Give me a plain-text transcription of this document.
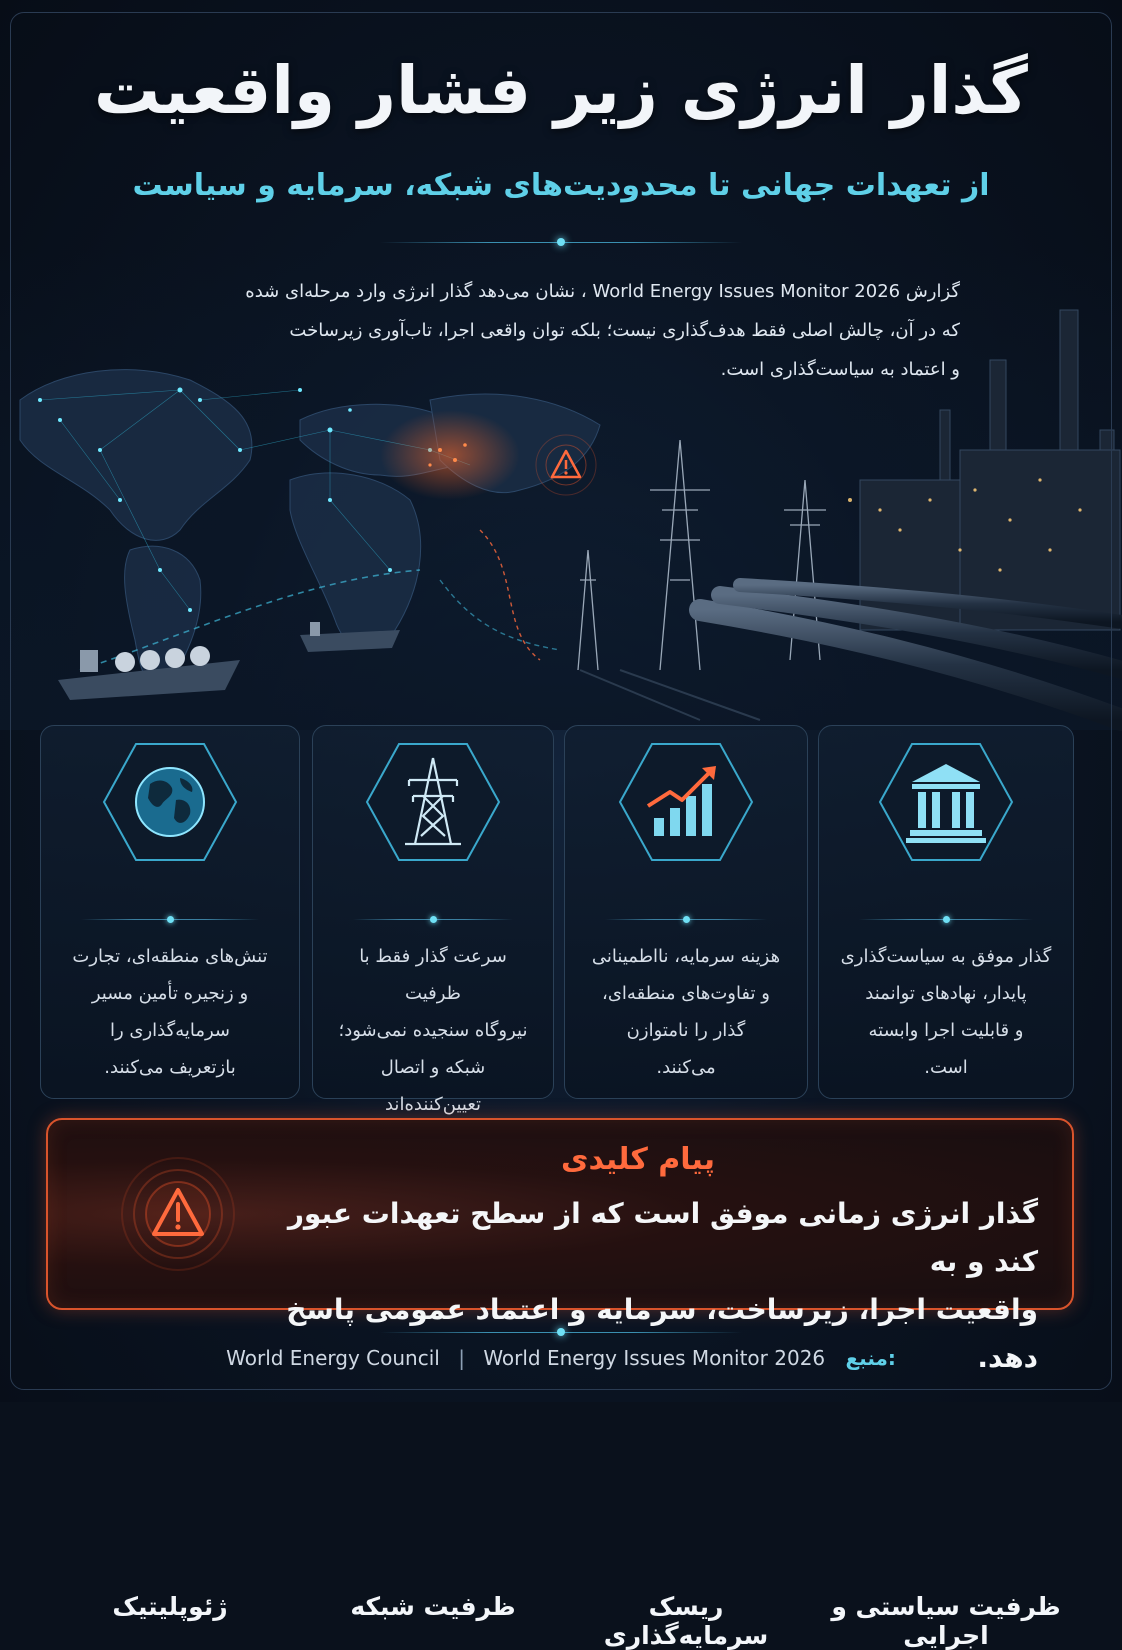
گذار انرژی زیر فشار واقعیت
از تعهدات جهانی تا محدودیت‌های شبکه، سرمایه و سیاست
گزارش World Energy Issues Monitor 2026 ، نشان می‌دهد گذار انرژی وارد مرحله‌ای شده
که در آن، چالش اصلی فقط هدف‌گذاری نیست؛ بلکه توان واقعی اجرا، تاب‌آوری زیرساخت
و اعتماد به سیاست‌گذاری است.
ژئوپلیتیک
تنش‌های منطقه‌ای، تجارت
و زنجیره تأمین مسیر
سرمایه‌گذاری را
بازتعریف می‌کنند.
ظرفیت شبکه
سرعت گذار فقط با ظرفیت
نیروگاه سنجیده نمی‌شود؛
شبکه و اتصال تعیین‌کننده‌اند
ریسک سرمایه‌گذاری
هزینه سرمایه، نااطمینانی
و تفاوت‌های منطقه‌ای،
گذار را نامتوازن
می‌کنند.
ظرفیت سیاستی و اجرایی
گذار موفق به سیاست‌گذاری
پایدار، نهادهای توانمند
و قابلیت اجرا وابسته
است.
پیام کلیدی
گذار انرژی زمانی موفق است که از سطح تعهدات عبور کند و به
واقعیت اجرا، زیرساخت، سرمایه و اعتماد عمومی پاسخ دهد.
World Energy Council | World Energy Issues Monitor 2026 منبع:
